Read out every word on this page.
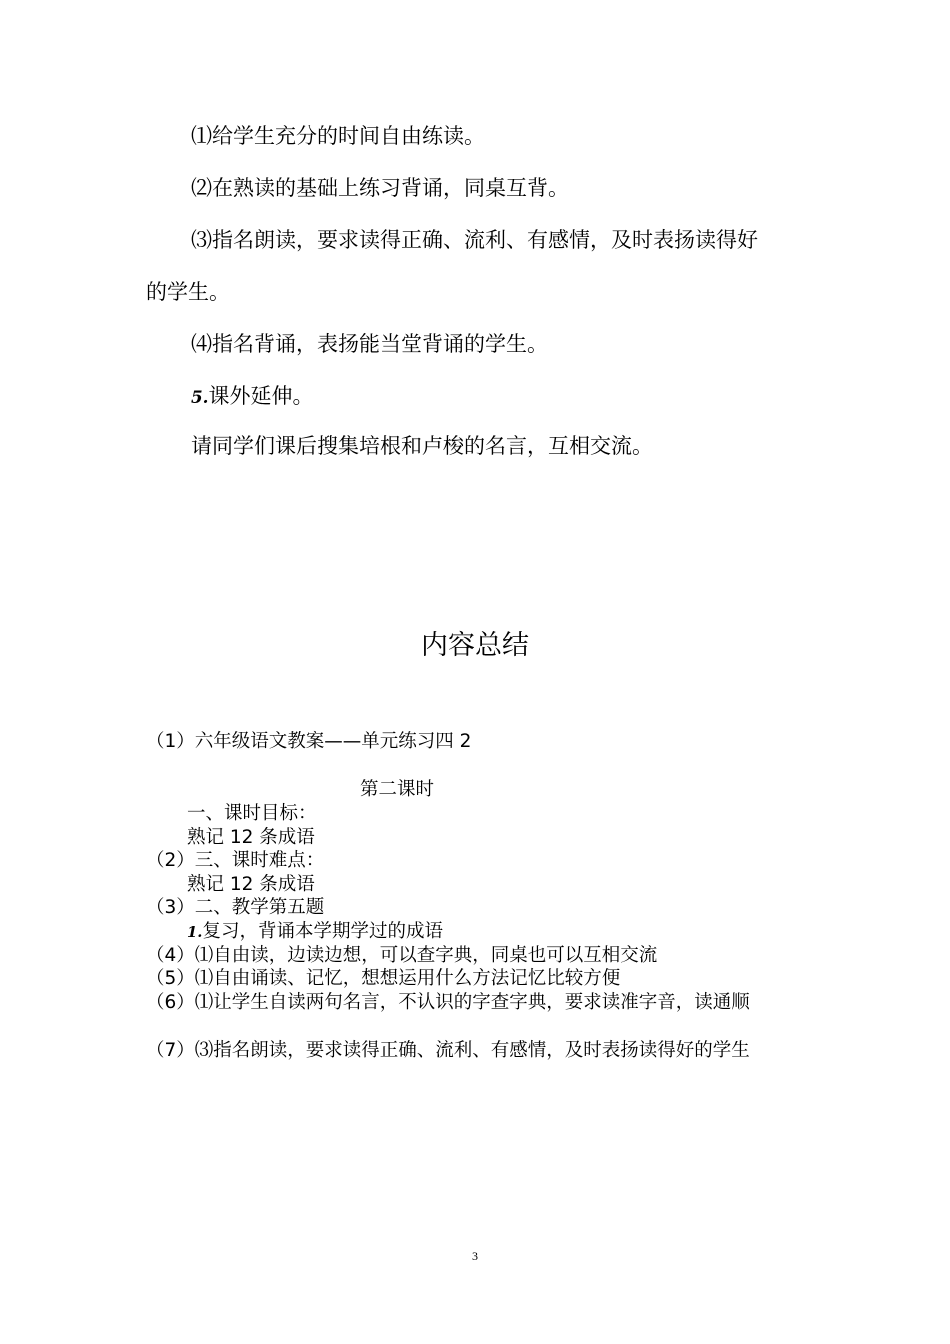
⑴给学生充分的时间自由练读。

⑵在熟读的基础上练习背诵，同桌互背。

⑶指名朗读，要求读得正确、流利、有感情，及时表扬读得好

的学生。

⑷指名背诵，表扬能当堂背诵的学生。

5.课外延伸。

请同学们课后搜集培根和卢梭的名言，互相交流。

内容总结

（1）六年级语文教案——单元练习四 2

第二课时

一、课时目标：

熟记 12 条成语

（2）三、课时难点：

熟记 12 条成语

（3）二、教学第五题

1.复习，背诵本学期学过的成语

（4）⑴自由读，边读边想，可以查字典，同桌也可以互相交流

（5）⑴自由诵读、记忆，想想运用什么方法记忆比较方便

（6）⑴让学生自读两句名言，不认识的字查字典，要求读准字音，读通顺

（7）⑶指名朗读，要求读得正确、流利、有感情，及时表扬读得好的学生

3
